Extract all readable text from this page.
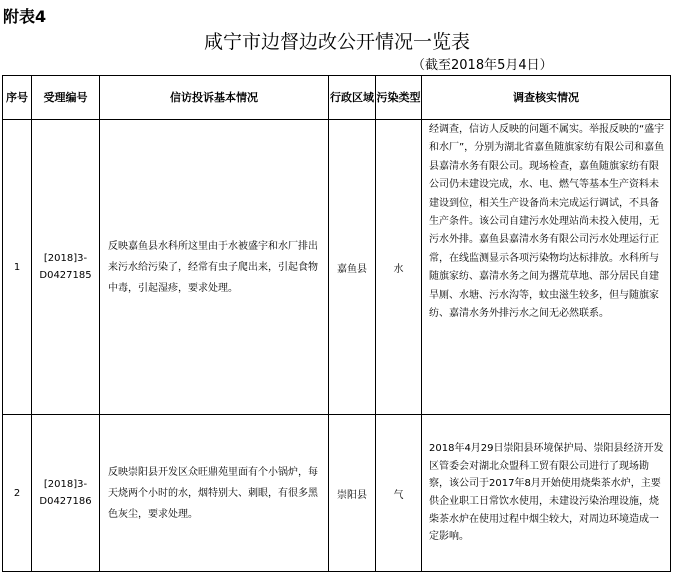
附表4
咸宁市边督边改公开情况一览表
（截至2018年5月4日）
序号	受理编号	信访投诉基本情况	行政区域	污染类型	调查核实情况
1	[2018]3-D0427185	反映嘉鱼县水科所这里由于水被盛宇和水厂排出来污水给污染了，经常有虫子爬出来，引起食物中毒，引起湿疹，要求处理。	嘉鱼县	水	经调查，信访人反映的问题不属实。举报反映的“盛宇和水厂”，分别为湖北省嘉鱼随旗家纺有限公司和嘉鱼县嘉清水务有限公司。现场检查，嘉鱼随旗家纺有限公司仍未建设完成，水、电、燃气等基本生产资料未建设到位，相关生产设备尚未完成运行调试，不具备生产条件。该公司自建污水处理站尚未投入使用，无污水外排。嘉鱼县嘉清水务有限公司污水处理运行正常，在线监测显示各项污染物均达标排放。水科所与随旗家纺、嘉清水务之间为撂荒草地、部分居民自建旱厕、水塘、污水沟等，蚊虫滋生较多，但与随旗家纺、嘉清水务外排污水之间无必然联系。
2	[2018]3-D0427186	反映崇阳县开发区众旺鼎苑里面有个小锅炉，每天烧两个小时的水，烟特别大、刺眼，有很多黑色灰尘，要求处理。	崇阳县	气	2018年4月29日崇阳县环境保护局、崇阳县经济开发区管委会对湖北众盟科工贸有限公司进行了现场勘察，该公司于2017年8月开始使用烧柴茶水炉，主要供企业职工日常饮水使用，未建设污染治理设施，烧柴茶水炉在使用过程中烟尘较大，对周边环境造成一定影响。
